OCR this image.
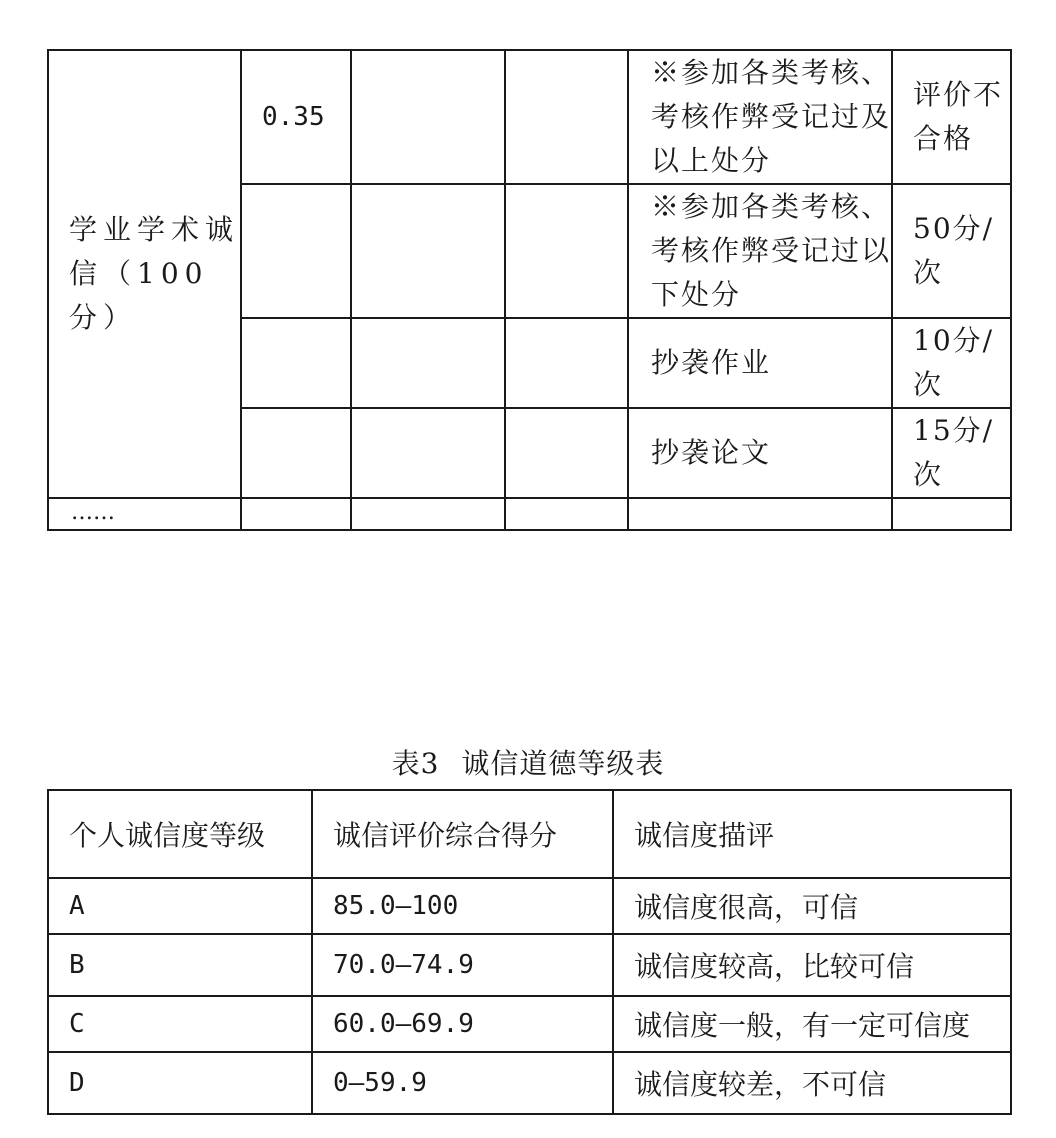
学业学术诚信（100分）	0.35			※参加各类考核、考核作弊受记过及以上处分	评价不合格
				※参加各类考核、考核作弊受记过以下处分	50分/次
				抄袭作业	10分/次
				抄袭论文	15分/次
……					
表3 诚信道德等级表
个人诚信度等级	诚信评价综合得分	诚信度描评
A	85.0—100	诚信度很高，可信
B	70.0—74.9	诚信度较高，比较可信
C	60.0—69.9	诚信度一般，有一定可信度
D	0—59.9	诚信度较差，不可信
